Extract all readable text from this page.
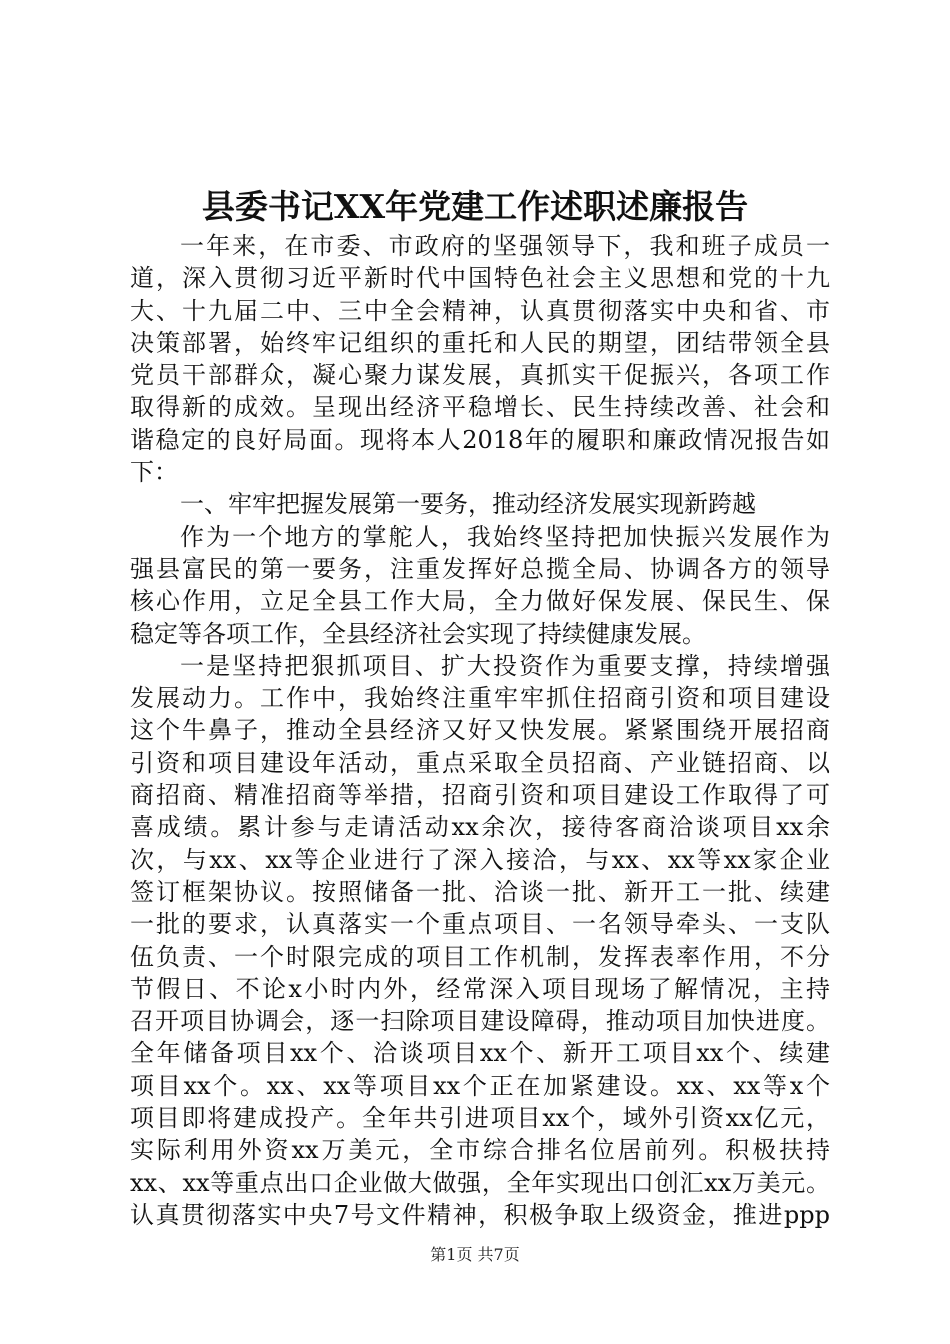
县委书记XX年党建工作述职述廉报告
一年来，在市委、市政府的坚强领导下，我和班子成员一
道，深入贯彻习近平新时代中国特色社会主义思想和党的十九
大、十九届二中、三中全会精神，认真贯彻落实中央和省、市
决策部署，始终牢记组织的重托和人民的期望，团结带领全县
党员干部群众，凝心聚力谋发展，真抓实干促振兴，各项工作
取得新的成效。呈现出经济平稳增长、民生持续改善、社会和
谐稳定的良好局面。现将本人2018年的履职和廉政情况报告如
下：
一、牢牢把握发展第一要务，推动经济发展实现新跨越
作为一个地方的掌舵人，我始终坚持把加快振兴发展作为
强县富民的第一要务，注重发挥好总揽全局、协调各方的领导
核心作用，立足全县工作大局，全力做好保发展、保民生、保
稳定等各项工作，全县经济社会实现了持续健康发展。
一是坚持把狠抓项目、扩大投资作为重要支撑，持续增强
发展动力。工作中，我始终注重牢牢抓住招商引资和项目建设
这个牛鼻子，推动全县经济又好又快发展。紧紧围绕开展招商
引资和项目建设年活动，重点采取全员招商、产业链招商、以
商招商、精准招商等举措，招商引资和项目建设工作取得了可
喜成绩。累计参与走请活动xx余次，接待客商洽谈项目xx余
次，与xx、xx等企业进行了深入接洽，与xx、xx等xx家企业
签订框架协议。按照储备一批、洽谈一批、新开工一批、续建
一批的要求，认真落实一个重点项目、一名领导牵头、一支队
伍负责、一个时限完成的项目工作机制，发挥表率作用，不分
节假日、不论x小时内外，经常深入项目现场了解情况，主持
召开项目协调会，逐一扫除项目建设障碍，推动项目加快进度。
全年储备项目xx个、洽谈项目xx个、新开工项目xx个、续建
项目xx个。xx、xx等项目xx个正在加紧建设。xx、xx等x个
项目即将建成投产。全年共引进项目xx个，域外引资xx亿元，
实际利用外资xx万美元，全市综合排名位居前列。积极扶持
xx、xx等重点出口企业做大做强，全年实现出口创汇xx万美元。
认真贯彻落实中央7号文件精神，积极争取上级资金，推进ppp
第1页 共7页
